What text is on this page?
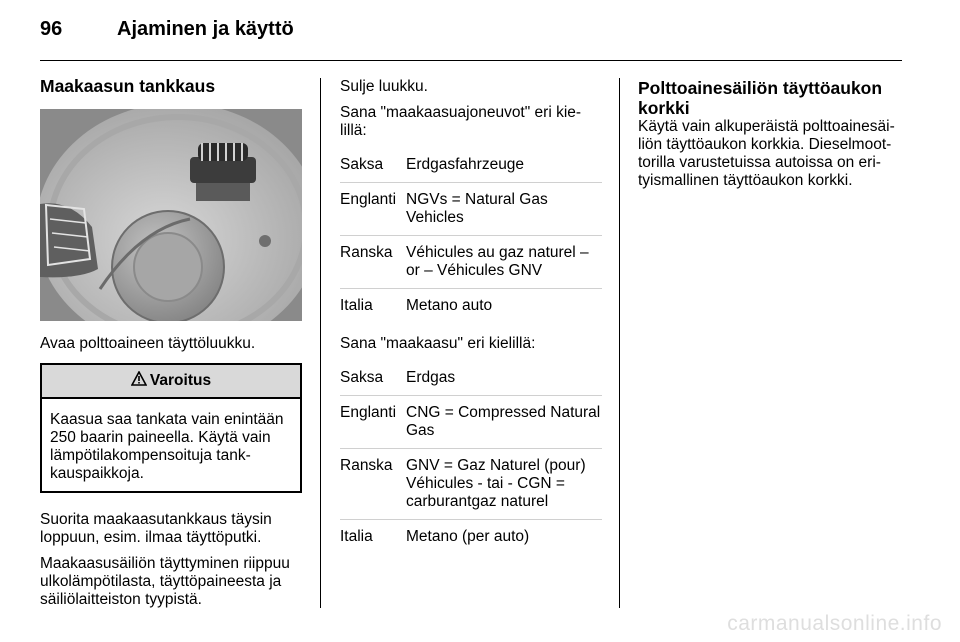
96	Ajaminen ja käyttö
Maakaasun tankkaus

Avaa polttoaineen täyttöluukku.

Varoitus
Kaasua saa tankata vain enintään 250 baarin paineella. Käytä vain lämpötilakompensoituja tank-kauspaikkoja.

Suorita maakaasutankkaus täysin loppuun, esim. ilmaa täyttöputki.

Maakaasusäiliön täyttyminen riippuu ulkolämpötilasta, täyttöpaineesta ja säiliölaitteiston tyypistä.

Sulje luukku.

Sana "maakaasuajoneuvot" eri kie-lillä:

Saksa	Erdgasfahrzeuge
Englanti	NGVs = Natural Gas Vehicles
Ranska	Véhicules au gaz naturel – or – Véhicules GNV
Italia	Metano auto

Sana "maakaasu" eri kielillä:

Saksa	Erdgas
Englanti	CNG = Compressed Natural Gas
Ranska	GNV = Gaz Naturel (pour) Véhicules - tai - CGN = carburantgaz naturel
Italia	Metano (per auto)
Polttoainesäiliön täyttöaukon korkki

Käytä vain alkuperäistä polttoainesäi-liön täyttöaukon korkkia. Dieselmoot-torilla varustetuissa autoissa on eri-tyismallinen täyttöaukon korkki.

carmanualsonline.info
